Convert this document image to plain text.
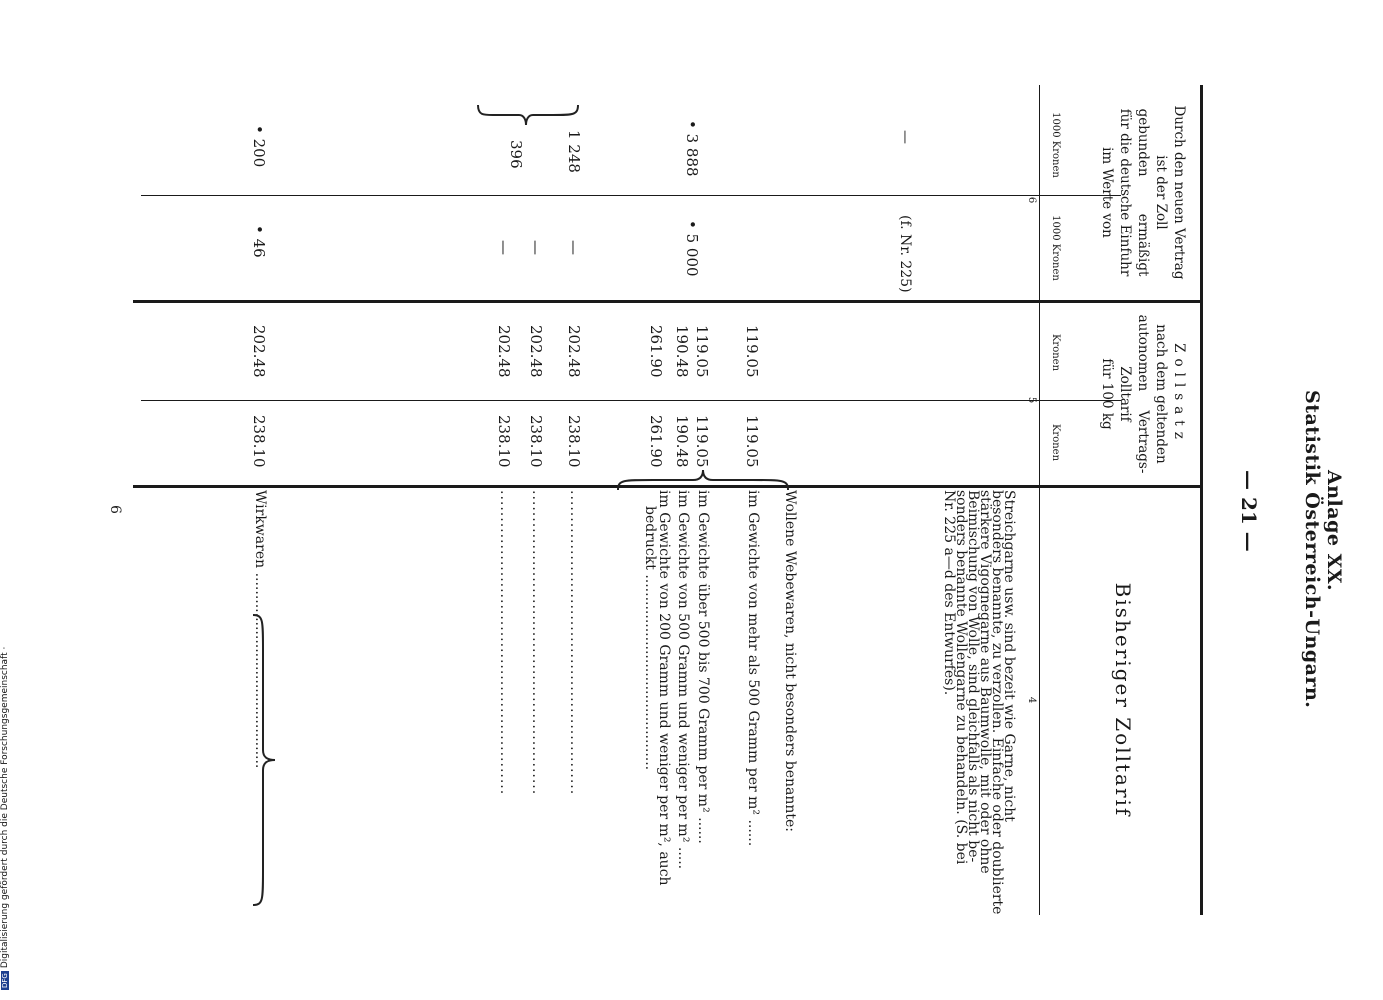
Anlage XX.
Statistik Österreich-Ungarn.
— 21 —
Durch den neuen Vertrag
ist der Zoll
gebunden
ermäßigt
für die deutsche Einfuhr
im Werte von
1000 Kronen
1000 Kronen
Zollsatz
nach dem geltenden
autonomen
Vertrags-
Zolltarif
für 100 kg
Kronen
Kronen
Bisheriger Zolltarif
6
5
4
Streichgarne usw. sind bezeit wie Garne, nicht
besonders benannte, zu verzollen. Einfache oder doublierte
stärkere Vigognegarne aus Baumwolle, mit oder ohne
Beimischung von Wolle, sind gleichfalls als nicht be-
sonders benannte Wollengarne zu behandeln. (S. bei
Nr. 225 a—d des Entwurfes).
(f. Nr. 225)
—
Wollene Webewaren, nicht besonders benannte:
im Gewichte von mehr als 500 Gramm per m² ......
119.05
119.05
im Gewichte über 500 bis 700 Gramm per m² ......
119.05
119.05
• 5 000
• 3 888
im Gewichte von 500 Gramm und weniger per m² .....
190.48
190.48
im Gewichte von 200 Gramm und weniger per m², auch
bedruckt ............................................
261.90
261.90
........................................................
238.10
202.48
—
1 248
........................................................
238.10
202.48
—
........................................................
238.10
202.48
—
396
Wirkwaren ............................................
238.10
202.48
• 46
• 200
6
DFGDigitalisierung gefördert durch die Deutsche Forschungsgemeinschaft ·
